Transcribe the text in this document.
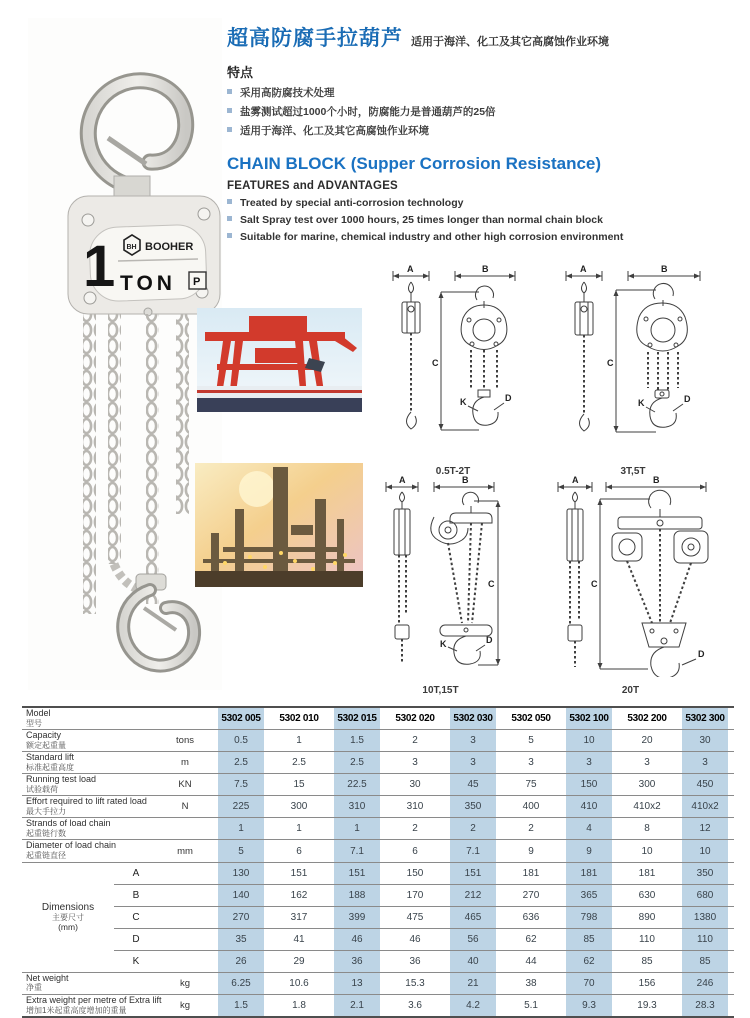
1 BH BOOHER
TON P
超高防腐手拉葫芦 适用于海洋、化工及其它高腐蚀作业环境
特点
采用高防腐技术处理
盐雾测试超过1000个小时，防腐能力是普通葫芦的25倍
适用于海洋、化工及其它高腐蚀作业环境
CHAIN BLOCK (Supper Corrosion Resistance)
FEATURES and ADVANTAGES
Treated by special anti-corrosion technology
Salt Spray test over 1000 hours, 25 times longer than normal chain block
Suitable for marine, chemical industry and other high corrosion environment
A
C
B
K	D
0.5T-2T
A
C
B
K	D
3T,5T
A	B
K	D
C
10T,15T
A	B
D
C
20T
Model
型号			5302 005	5302 010	5302 015	5302 020	5302 030	5302 050	5302 100	5302 200	5302 300

Capacity
额定起重量		tons	0.5	1	1.5	2	3	5	10	20	30

Standard lift
标准起重高度		m	2.5	2.5	2.5	3	3	3	3	3	3

Running test load
试验载荷		KN	7.5	15	22.5	30	45	75	150	300	450

Effort required to lift rated load
最大手拉力		N	225	300	310	310	350	400	410	410x2	410x2

Strands of load chain
起重链行数			1	1	1	2	2	2	4	8	12

Diameter of load chain
起重链直径		mm	5	6	7.1	6	7.1	9	9	10	10

Dimensions
主要尺寸
(mm)	A		130	151	151	150	151	181	181	181	350
	B		140	162	188	170	212	270	365	630	680
	C		270	317	399	475	465	636	798	890	1380
	D		35	41	46	46	56	62	85	110	110
	K		26	29	36	36	40	44	62	85	85

Net weight
净重		kg	6.25	10.6	13	15.3	21	38	70	156	246

Extra weight per metre of Extra lift
增加1米起重高度增加的重量		kg	1.5	1.8	2.1	3.6	4.2	5.1	9.3	19.3	28.3
